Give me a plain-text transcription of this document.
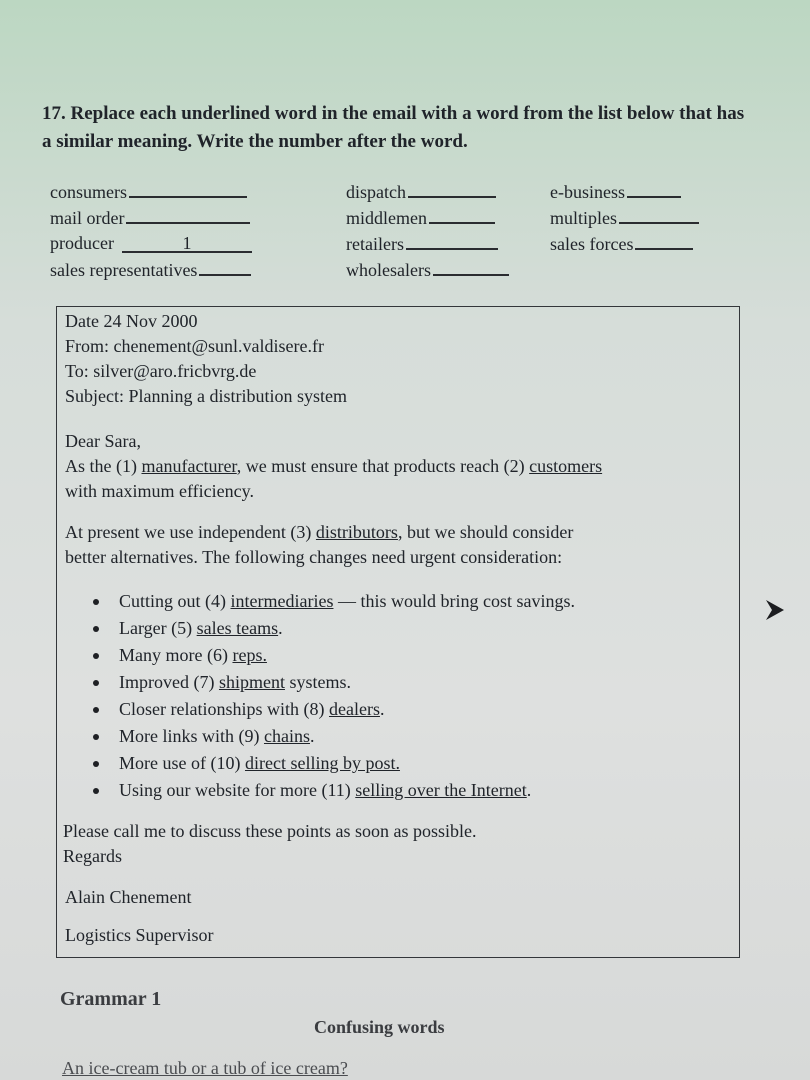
17. Replace each underlined word in the email with a word from the list below that has a similar meaning. Write the number after the word.
consumers
mail order
producer	1
sales representatives
dispatch
middlemen
retailers
wholesalers
e-business
multiples
sales forces
Date 24 Nov 2000
From: chenement@sunl.valdisere.fr
To: silver@aro.fricbvrg.de
Subject: Planning a distribution system
Dear Sara,
As the (1) manufacturer, we must ensure that products reach (2) customers
with maximum efficiency.
At present we use independent (3) distributors, but we should consider
better alternatives. The following changes need urgent consideration:
Cutting out (4) intermediaries — this would bring cost savings.
Larger (5) sales teams.
Many more (6) reps.
Improved (7) shipment systems.
Closer relationships with (8) dealers.
More links with (9) chains.
More use of (10) direct selling by post.
Using our website for more (11) selling over the Internet.
Please call me to discuss these points as soon as possible.
Regards
Alain Chenement
Logistics Supervisor
Grammar 1
Confusing words
An ice-cream tub or a tub of ice cream?
